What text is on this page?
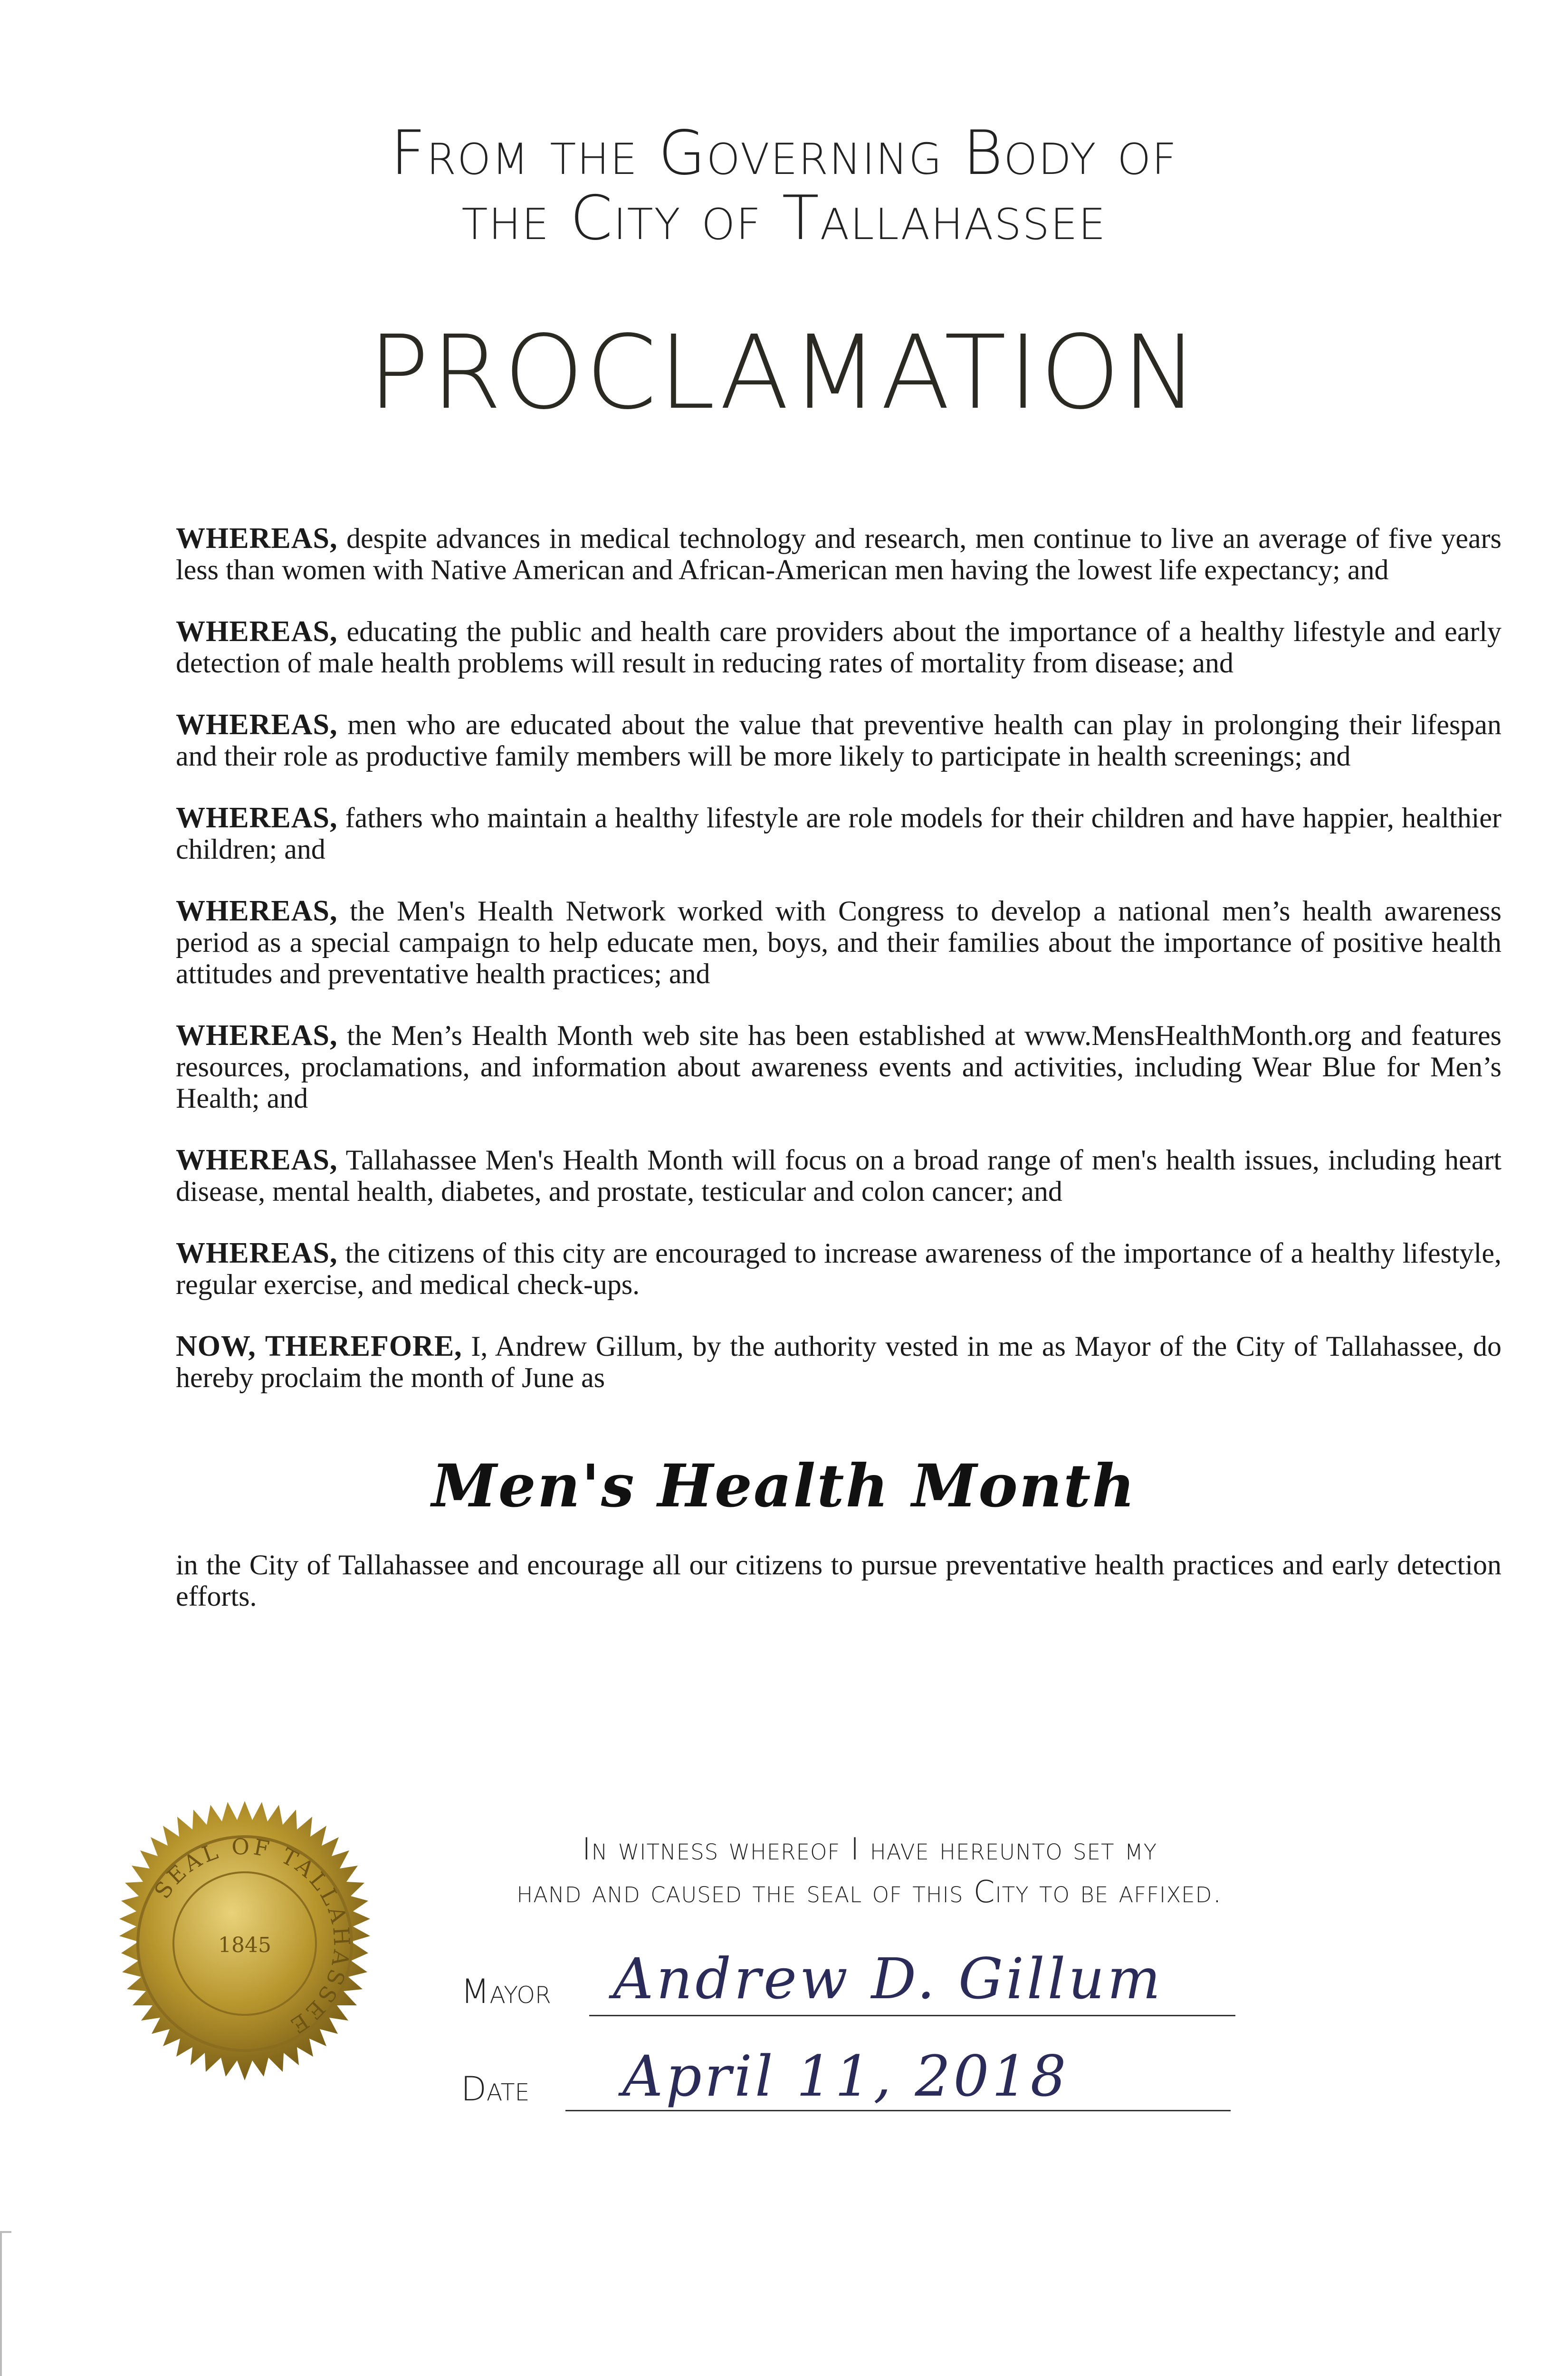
From the Governing Body of
the City of Tallahassee
PROCLAMATION

WHEREAS, despite advances in medical technology and research, men continue to live an average of five years less than women with Native American and African-American men having the lowest life expectancy; and

WHEREAS, educating the public and health care providers about the importance of a healthy lifestyle and early detection of male health problems will result in reducing rates of mortality from disease; and

WHEREAS, men who are educated about the value that preventive health can play in prolonging their lifespan and their role as productive family members will be more likely to participate in health screenings; and

WHEREAS, fathers who maintain a healthy lifestyle are role models for their children and have happier, healthier children; and

WHEREAS, the Men's Health Network worked with Congress to develop a national men’s health awareness period as a special campaign to help educate men, boys, and their families about the importance of positive health attitudes and preventative health practices; and

WHEREAS, the Men’s Health Month web site has been established at www.MensHealthMonth.org and features resources, proclamations, and information about awareness events and activities, including Wear Blue for Men’s Health; and

WHEREAS, Tallahassee Men's Health Month will focus on a broad range of men's health issues, including heart disease, mental health, diabetes, and prostate, testicular and colon cancer; and

WHEREAS, the citizens of this city are encouraged to increase awareness of the importance of a healthy lifestyle, regular exercise, and medical check-ups.

NOW, THEREFORE, I, Andrew Gillum, by the authority vested in me as Mayor of the City of Tallahassee, do hereby proclaim the month of June as

Men's Health Month
in the City of Tallahassee and encourage all our citizens to pursue preventative health practices and early detection efforts.
SEAL OF TALLAHASSEE
1845
In witness whereof I have hereunto set my
hand and caused the seal of this City to be affixed.
Mayor Andrew D. Gillum
Date April 11, 2018
